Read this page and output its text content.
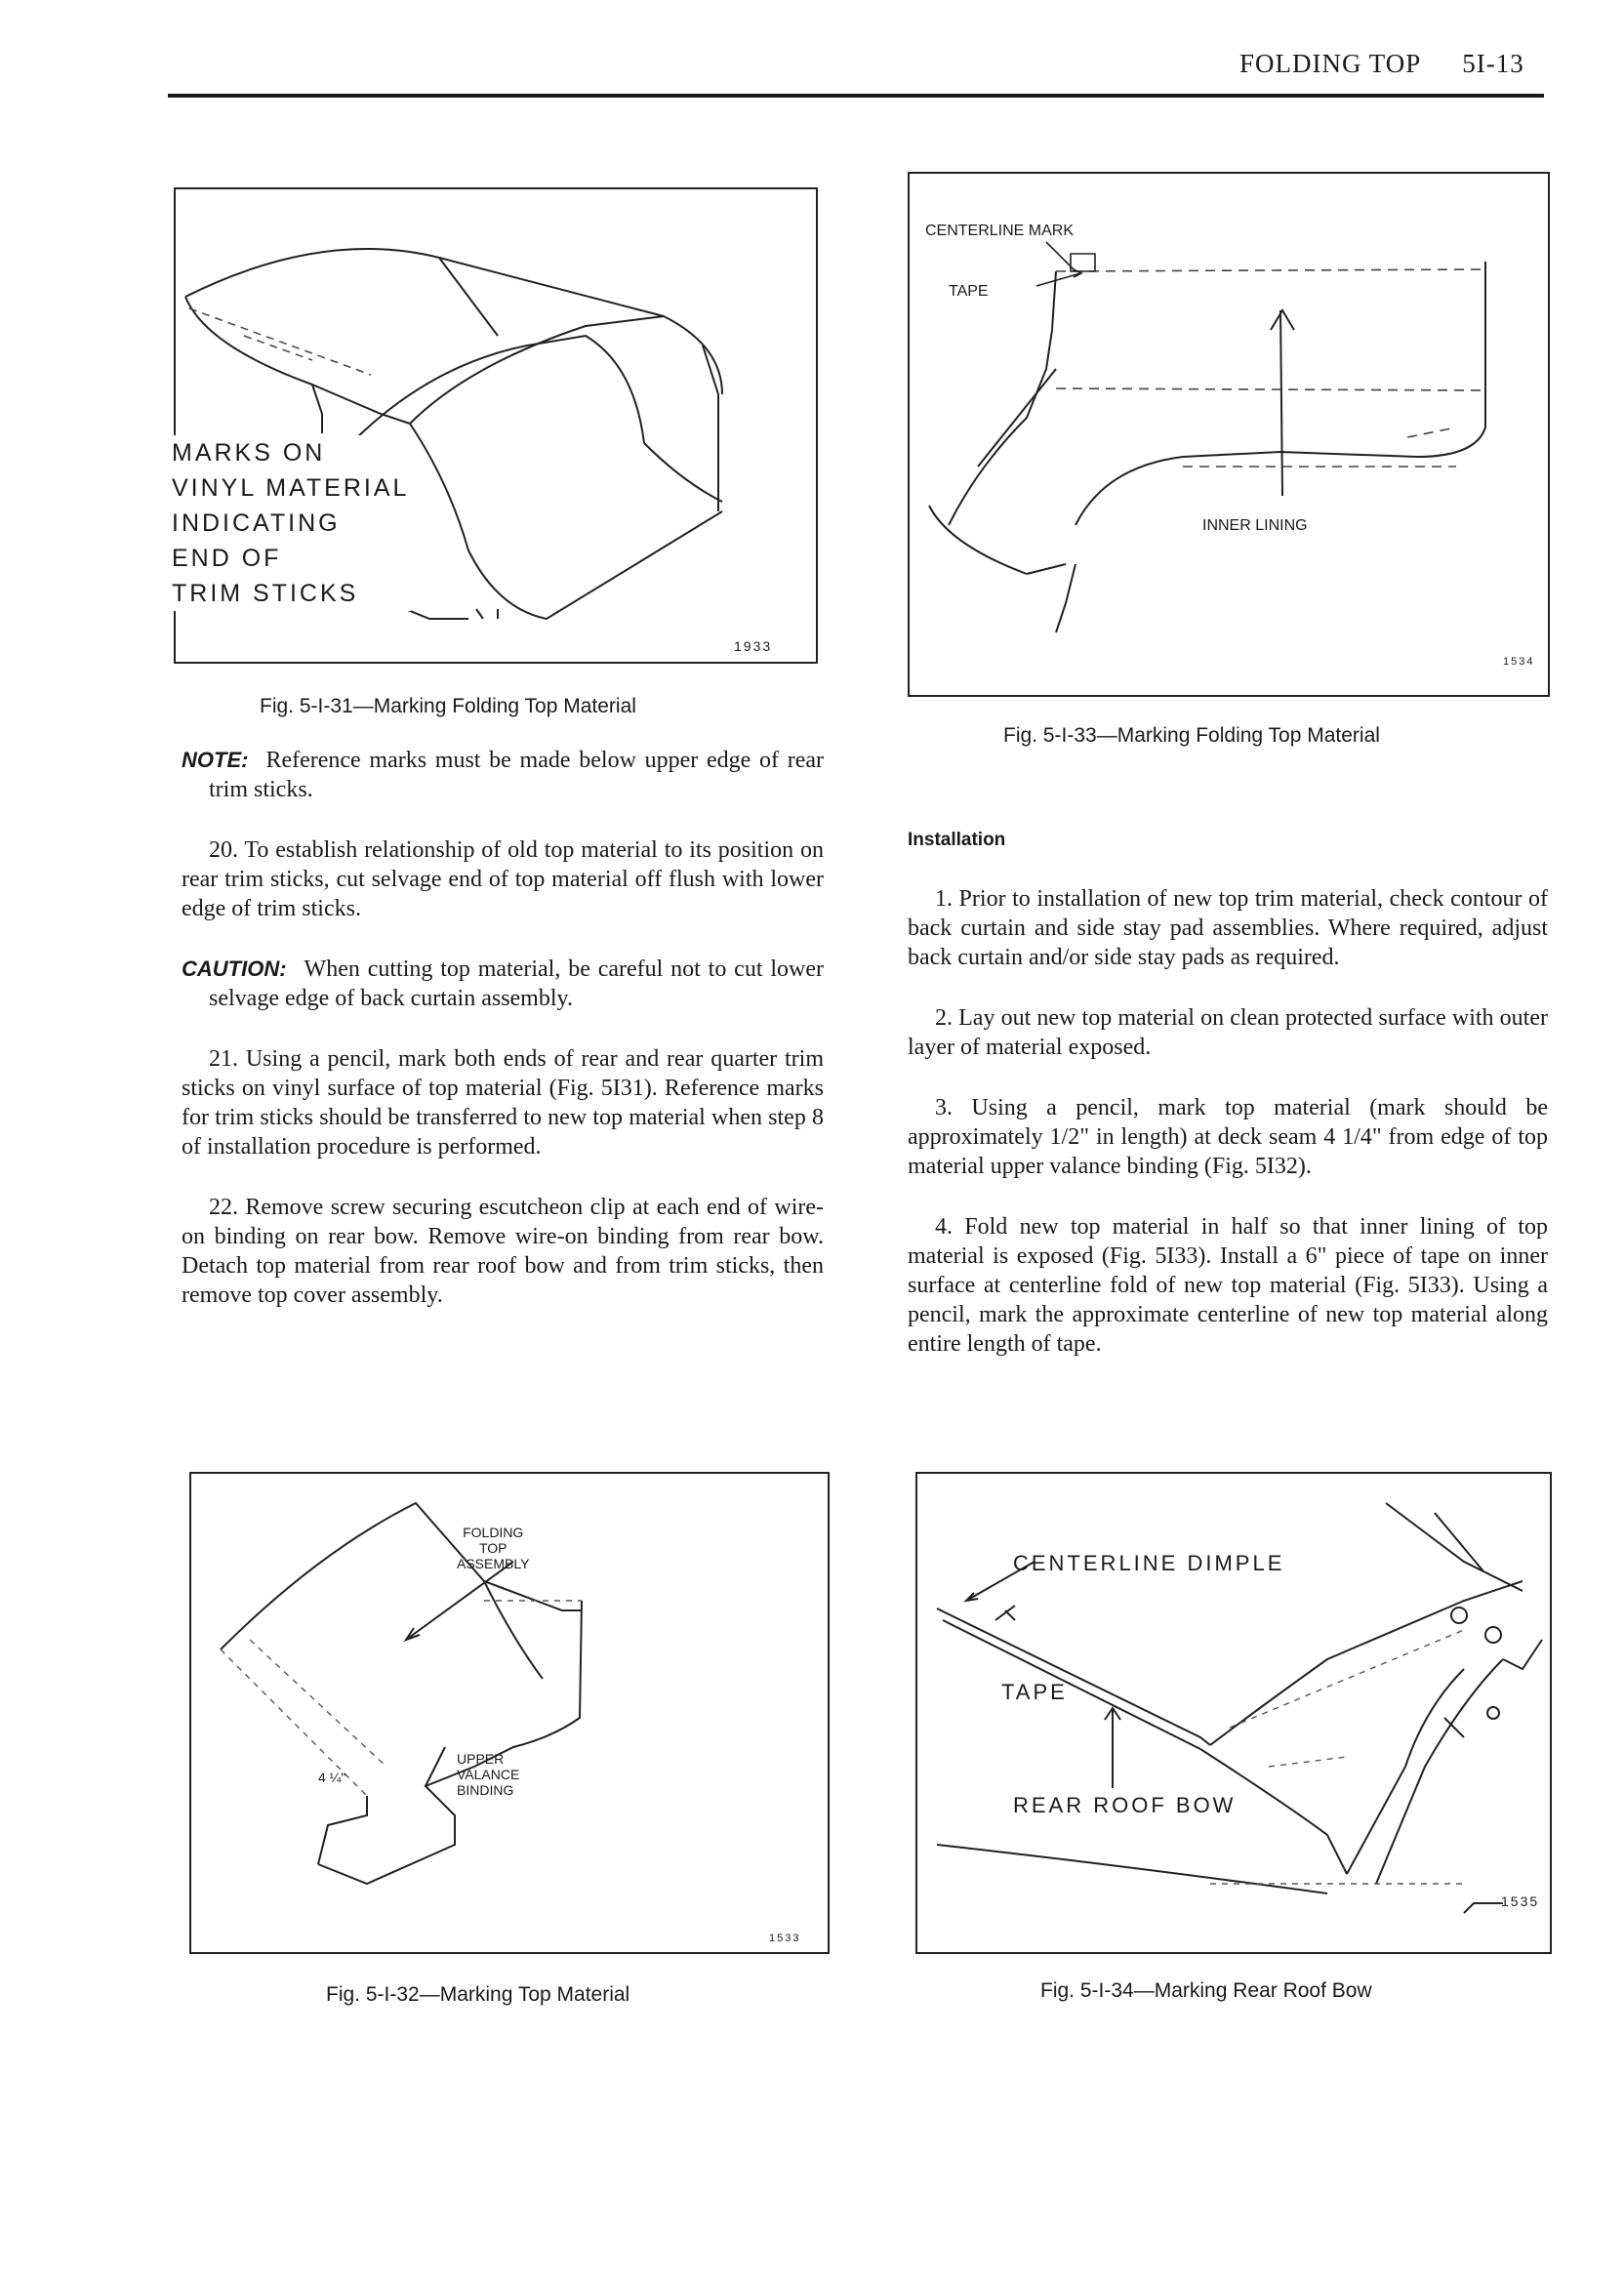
FOLDING TOP 5I-13
MARKS ON
VINYL MATERIAL
INDICATING
END OF
TRIM STICKS
1933
Fig. 5-I-31—Marking Folding Top Material
CENTERLINE MARK
TAPE
INNER LINING
1534
Fig. 5-I-33—Marking Folding Top Material

NOTE: Reference marks must be made below upper edge of rear trim sticks.

20. To establish relationship of old top material to its position on rear trim sticks, cut selvage end of top material off flush with lower edge of trim sticks.

CAUTION: When cutting top material, be careful not to cut lower selvage edge of back curtain assembly.

21. Using a pencil, mark both ends of rear and rear quarter trim sticks on vinyl surface of top material (Fig. 5I31). Reference marks for trim sticks should be transferred to new top material when step 8 of installation procedure is performed.

22. Remove screw securing escutcheon clip at each end of wire-on binding on rear bow. Remove wire-on binding from rear bow. Detach top material from rear roof bow and from trim sticks, then remove top cover assembly.

Installation

1. Prior to installation of new top trim material, check contour of back curtain and side stay pad assemblies. Where required, adjust back curtain and/or side stay pads as required.

2. Lay out new top material on clean protected surface with outer layer of material exposed.

3. Using a pencil, mark top material (mark should be approximately 1/2" in length) at deck seam 4 1/4" from edge of top material upper valance binding (Fig. 5I32).

4. Fold new top material in half so that inner lining of top material is exposed (Fig. 5I33). Install a 6" piece of tape on inner surface at centerline fold of new top material (Fig. 5I33). Using a pencil, mark the approximate centerline of new top material along entire length of tape.

FOLDING
TOP
ASSEMBLY
UPPER
VALANCE
BINDING
4 ¼"
1533
Fig. 5-I-32—Marking Top Material
CENTERLINE DIMPLE
TAPE
REAR ROOF BOW
1535
Fig. 5-I-34—Marking Rear Roof Bow
